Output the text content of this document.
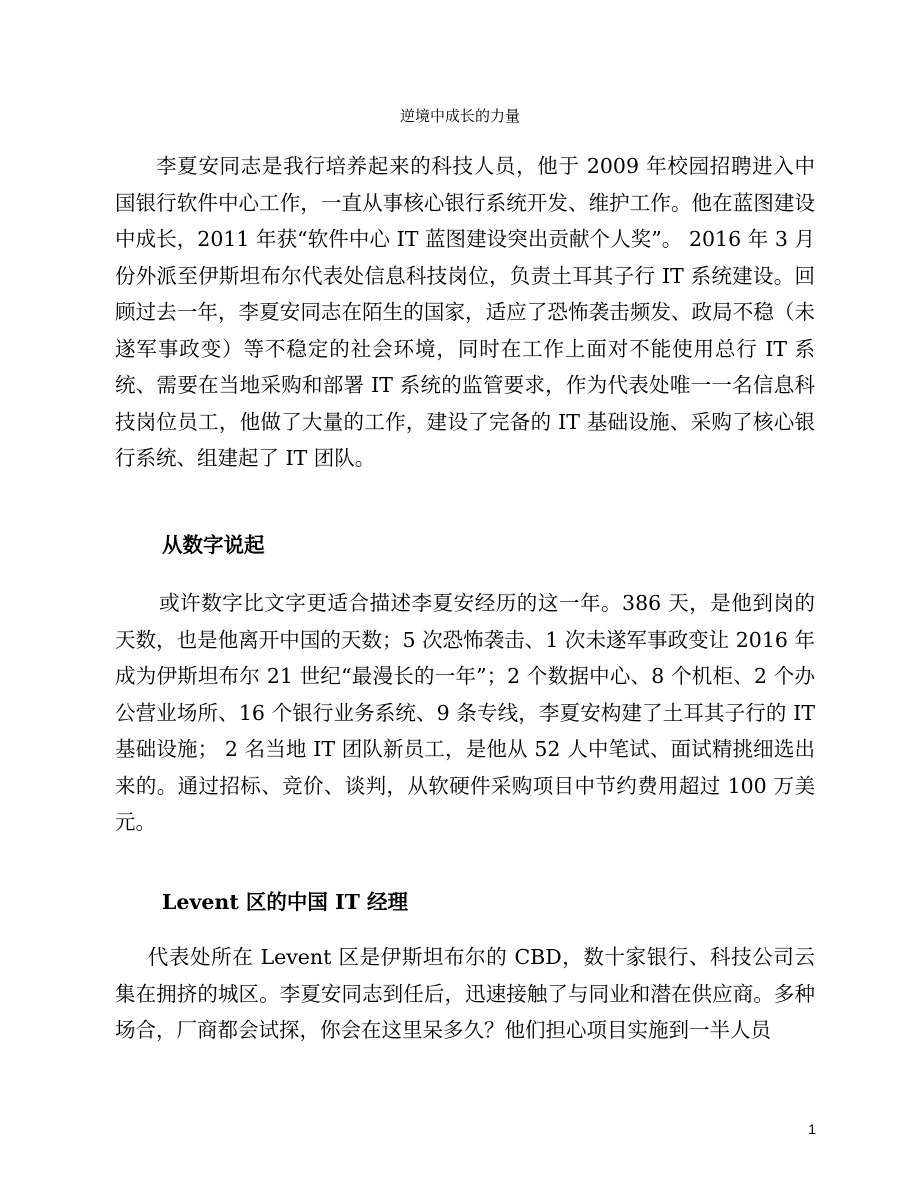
逆境中成长的力量

李夏安同志是我行培养起来的科技人员，他于 2009 年校园招聘进入中国银行软件中心工作，一直从事核心银行系统开发、维护工作。他在蓝图建设中成长，2011 年获“软件中心 IT 蓝图建设突出贡献个人奖”。 2016 年 3 月份外派至伊斯坦布尔代表处信息科技岗位，负责土耳其子行 IT 系统建设。回顾过去一年，李夏安同志在陌生的国家，适应了恐怖袭击频发、政局不稳（未遂军事政变）等不稳定的社会环境，同时在工作上面对不能使用总行 IT 系统、需要在当地采购和部署 IT 系统的监管要求，作为代表处唯一一名信息科技岗位员工，他做了大量的工作，建设了完备的 IT 基础设施、采购了核心银行系统、组建起了 IT 团队。

从数字说起

或许数字比文字更适合描述李夏安经历的这一年。386 天，是他到岗的天数，也是他离开中国的天数；5 次恐怖袭击、1 次未遂军事政变让 2016 年成为伊斯坦布尔 21 世纪“最漫长的一年”；2 个数据中心、8 个机柜、2 个办公营业场所、16 个银行业务系统、9 条专线，李夏安构建了土耳其子行的 IT 基础设施； 2 名当地 IT 团队新员工，是他从 52 人中笔试、面试精挑细选出来的。通过招标、竞价、谈判，从软硬件采购项目中节约费用超过 100 万美元。

Levent 区的中国 IT 经理

代表处所在 Levent 区是伊斯坦布尔的 CBD，数十家银行、科技公司云集在拥挤的城区。李夏安同志到任后，迅速接触了与同业和潜在供应商。多种场合，厂商都会试探，你会在这里呆多久？他们担心项目实施到一半人员

1
